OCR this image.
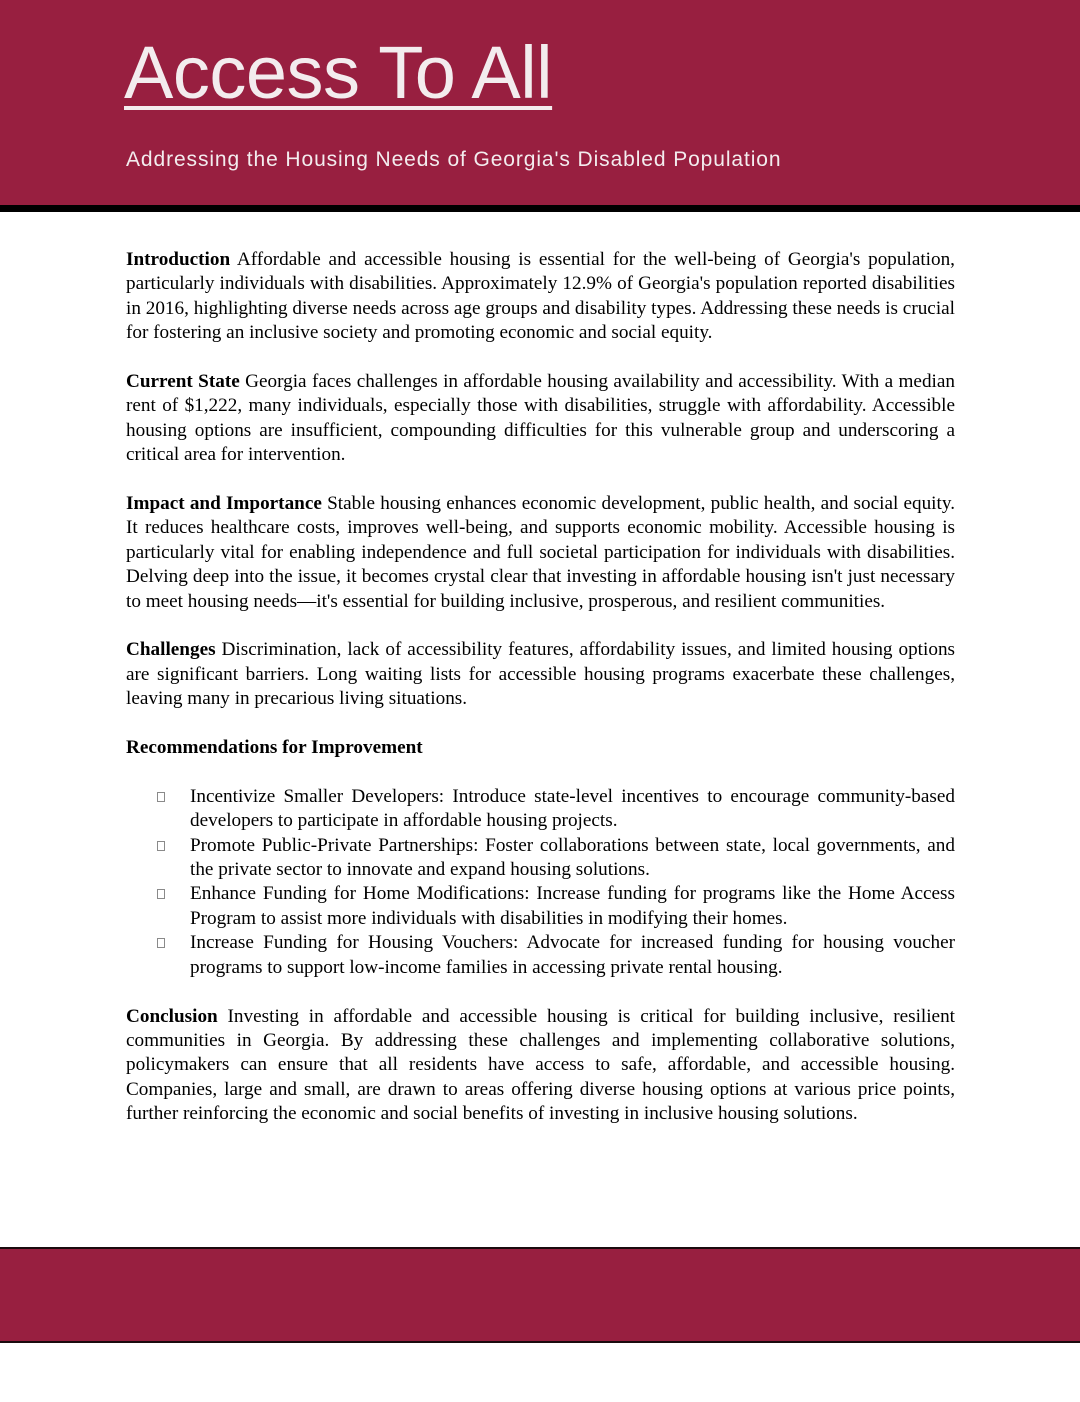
Access To All
Addressing the Housing Needs of Georgia's Disabled Population

Introduction Affordable and accessible housing is essential for the well-being of Georgia's population, particularly individuals with disabilities. Approximately 12.9% of Georgia's population reported disabilities in 2016, highlighting diverse needs across age groups and disability types. Addressing these needs is crucial for fostering an inclusive society and promoting economic and social equity.

Current State Georgia faces challenges in affordable housing availability and accessibility. With a median rent of $1,222, many individuals, especially those with disabilities, struggle with affordability. Accessible housing options are insufficient, compounding difficulties for this vulnerable group and underscoring a critical area for intervention.

Impact and Importance Stable housing enhances economic development, public health, and social equity. It reduces healthcare costs, improves well-being, and supports economic mobility. Accessible housing is particularly vital for enabling independence and full societal participation for individuals with disabilities. Delving deep into the issue, it becomes crystal clear that investing in affordable housing isn't just necessary to meet housing needs—it's essential for building inclusive, prosperous, and resilient communities.

Challenges Discrimination, lack of accessibility features, affordability issues, and limited housing options are significant barriers. Long waiting lists for accessible housing programs exacerbate these challenges, leaving many in precarious living situations.

Recommendations for Improvement
Incentivize Smaller Developers: Introduce state-level incentives to encourage community-based developers to participate in affordable housing projects.
Promote Public-Private Partnerships: Foster collaborations between state, local governments, and the private sector to innovate and expand housing solutions.
Enhance Funding for Home Modifications: Increase funding for programs like the Home Access Program to assist more individuals with disabilities in modifying their homes.
Increase Funding for Housing Vouchers: Advocate for increased funding for housing voucher programs to support low-income families in accessing private rental housing.

Conclusion Investing in affordable and accessible housing is critical for building inclusive, resilient communities in Georgia. By addressing these challenges and implementing collaborative solutions, policymakers can ensure that all residents have access to safe, affordable, and accessible housing. Companies, large and small, are drawn to areas offering diverse housing options at various price points, further reinforcing the economic and social benefits of investing in inclusive housing solutions.
